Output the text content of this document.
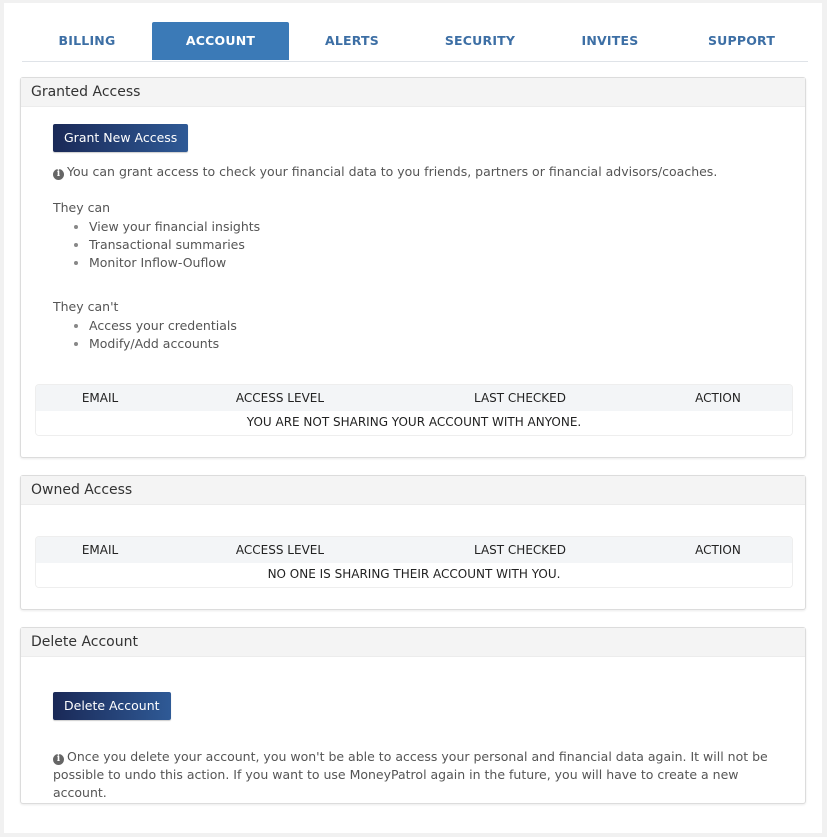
BILLING	ACCOUNT	ALERTS	SECURITY	INVITES	SUPPORT
Granted Access
Grant New Access
i You can grant access to check your financial data to you friends, partners or financial advisors/coaches.
They can
• View your financial insights
• Transactional summaries
• Monitor Inflow-Ouflow
They can't
• Access your credentials
• Modify/Add accounts
EMAIL	ACCESS LEVEL	LAST CHECKED	ACTION
YOU ARE NOT SHARING YOUR ACCOUNT WITH ANYONE.
Owned Access
EMAIL	ACCESS LEVEL	LAST CHECKED	ACTION
NO ONE IS SHARING THEIR ACCOUNT WITH YOU.
Delete Account
Delete Account
i Once you delete your account, you won't be able to access your personal and financial data again. It will not be possible to undo this action. If you want to use MoneyPatrol again in the future, you will have to create a new account.
